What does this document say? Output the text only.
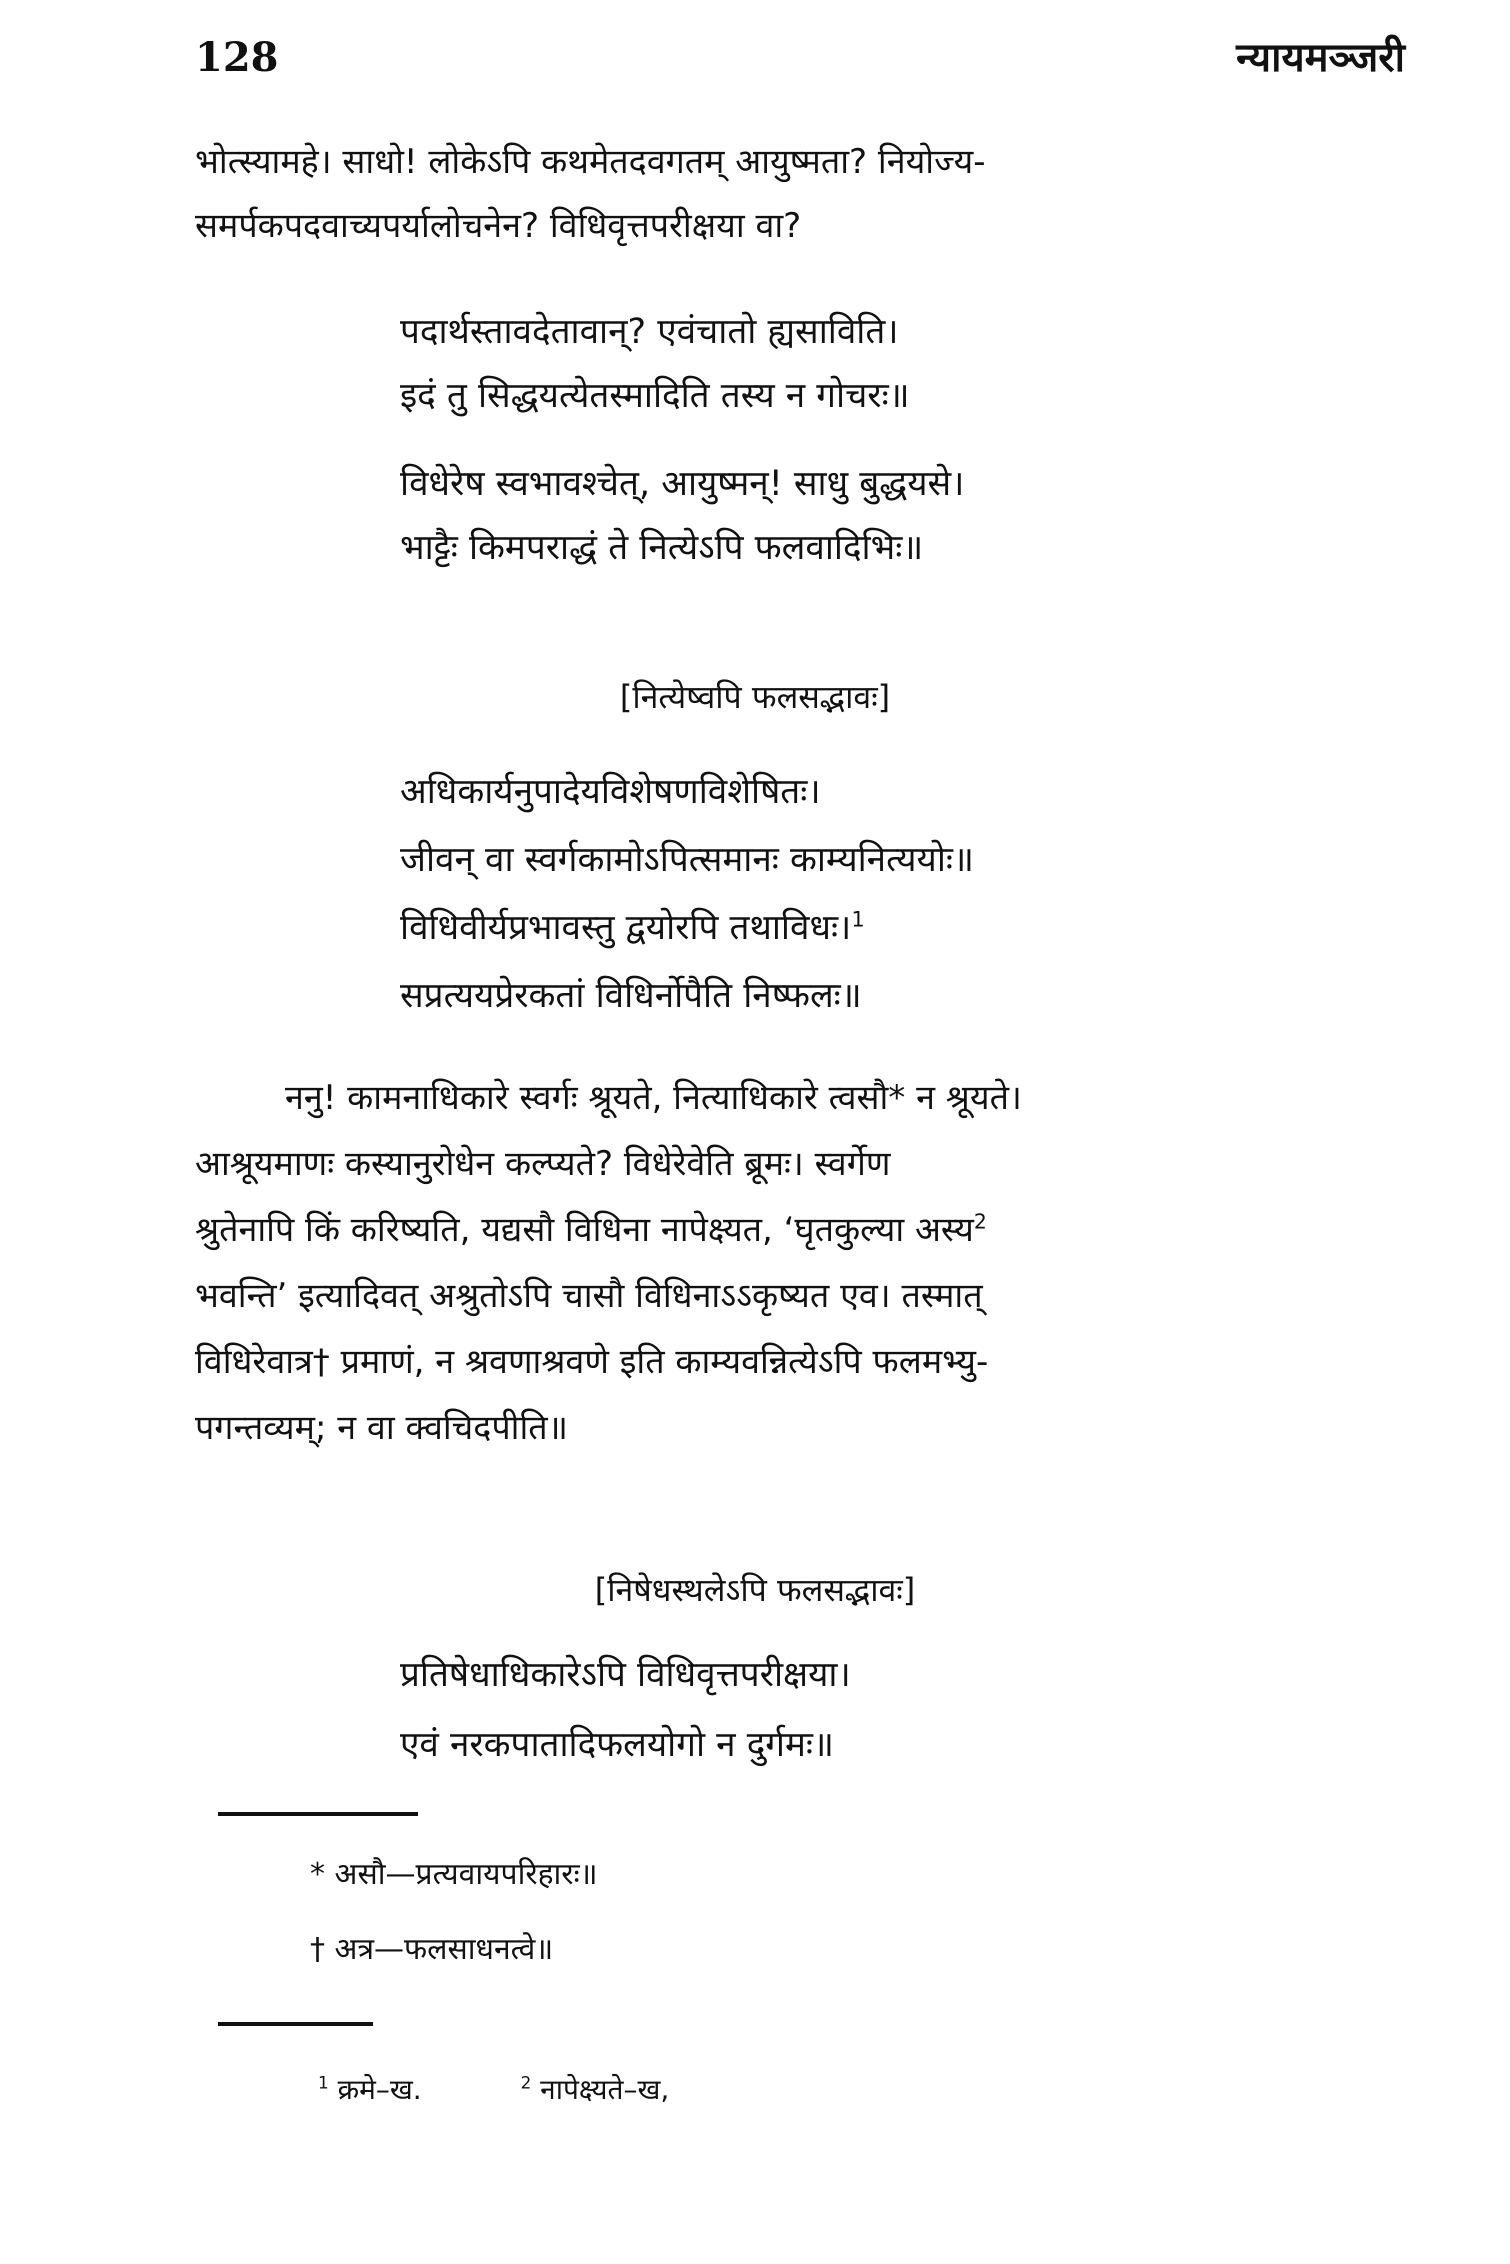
128	न्यायमञ्जरी
भोत्स्यामहे। साधो! लोकेऽपि कथमेतदवगतम् आयुष्मता? नियोज्य-
समर्पकपदवाच्यपर्यालोचनेन? विधिवृत्तपरीक्षया वा?
पदार्थस्तावदेतावान्? एवंचातो ह्यसाविति।
इदं तु सिद्धयत्येतस्मादिति तस्य न गोचरः॥
विधेरेष स्वभावश्चेत्, आयुष्मन्! साधु बुद्धयसे।
भाट्टैः किमपराद्धं ते नित्येऽपि फलवादिभिः॥
[नित्येष्वपि फलसद्भावः]
अधिकार्यनुपादेयविशेषणविशेषितः।
जीवन् वा स्वर्गकामोऽपित्समानः काम्यनित्ययोः॥
विधिवीर्यप्रभावस्तु द्वयोरपि तथाविधः।$^1$
सप्रत्ययप्रेरकतां विधिर्नोपैति निष्फलः॥
ननु! कामनाधिकारे स्वर्गः श्रूयते, नित्याधिकारे त्वसौ* न श्रूयते।
आश्रूयमाणः कस्यानुरोधेन कल्प्यते? विधेरेवेति ब्रूमः। स्वर्गेण
श्रुतेनापि किं करिष्यति, यद्यसौ विधिना नापेक्ष्यत, ‘घृतकुल्या अस्य$^2$
भवन्ति’ इत्यादिवत् अश्रुतोऽपि चासौ विधिनाऽऽकृष्यत एव। तस्मात्
विधिरेवात्र† प्रमाणं, न श्रवणाश्रवणे इति काम्यवन्नित्येऽपि फलमभ्यु-
पगन्तव्यम्; न वा क्वचिदपीति॥
[निषेधस्थलेऽपि फलसद्भावः]
प्रतिषेधाधिकारेऽपि विधिवृत्तपरीक्षया।
एवं नरकपातादिफलयोगो न दुर्गमः॥
* असौ—प्रत्यवायपरिहारः॥
† अत्र—फलसाधनत्वे॥
$^1$ क्रमे–ख.	$^2$ नापेक्ष्यते–ख,
